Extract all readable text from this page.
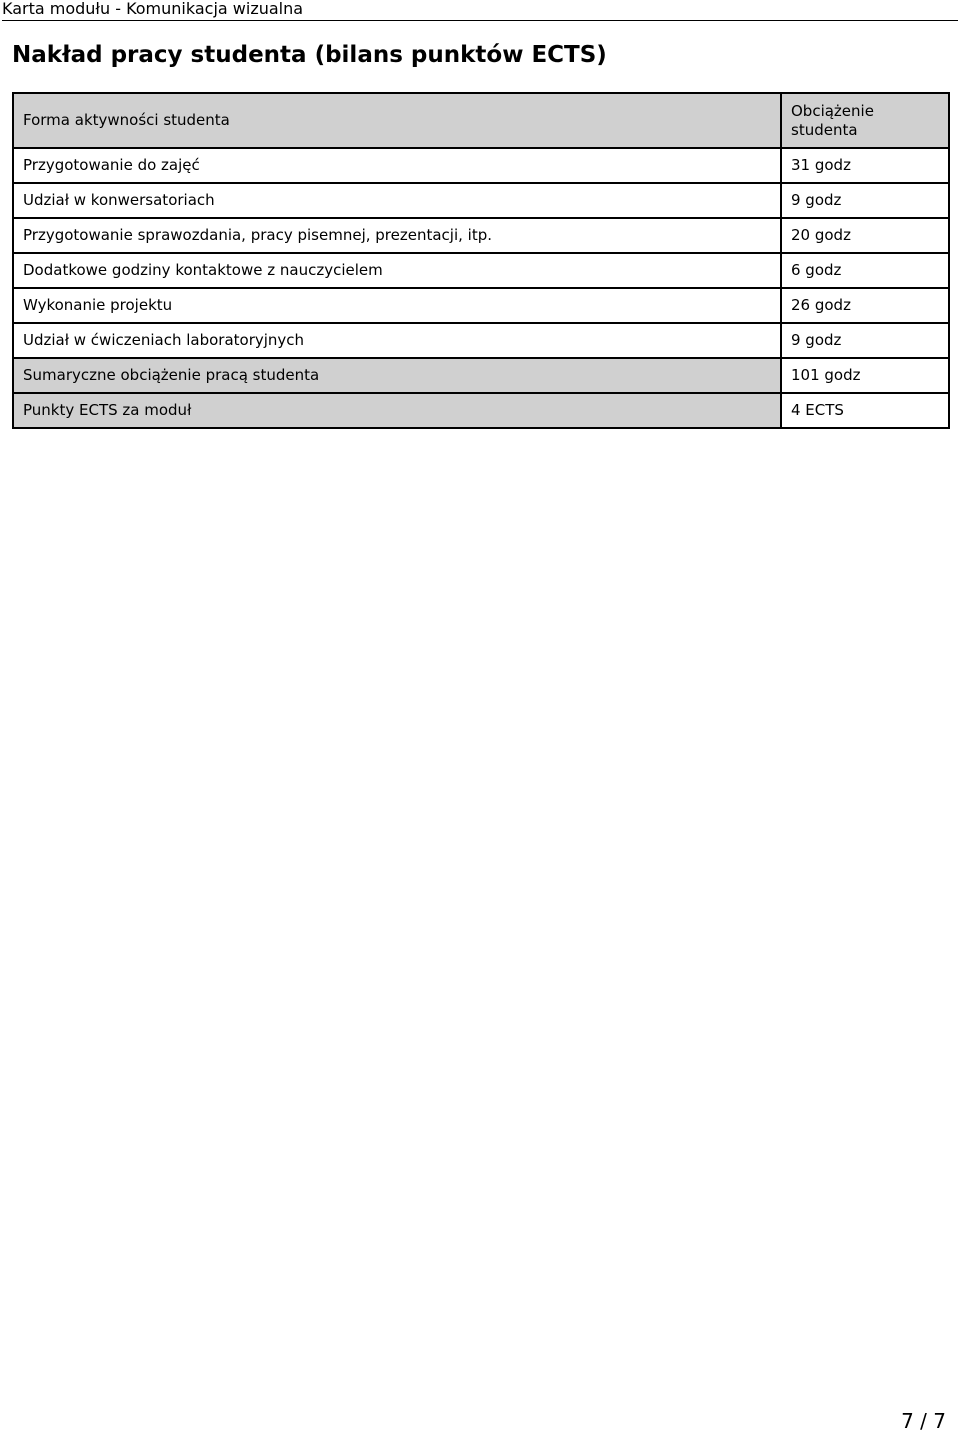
Karta modułu - Komunikacja wizualna
Nakład pracy studenta (bilans punktów ECTS)
Forma aktywności studenta	Obciążenie studenta
Przygotowanie do zajęć	31 godz
Udział w konwersatoriach	9 godz
Przygotowanie sprawozdania, pracy pisemnej, prezentacji, itp.	20 godz
Dodatkowe godziny kontaktowe z nauczycielem	6 godz
Wykonanie projektu	26 godz
Udział w ćwiczeniach laboratoryjnych	9 godz
Sumaryczne obciążenie pracą studenta	101 godz
Punkty ECTS za moduł	4 ECTS
7 / 7
